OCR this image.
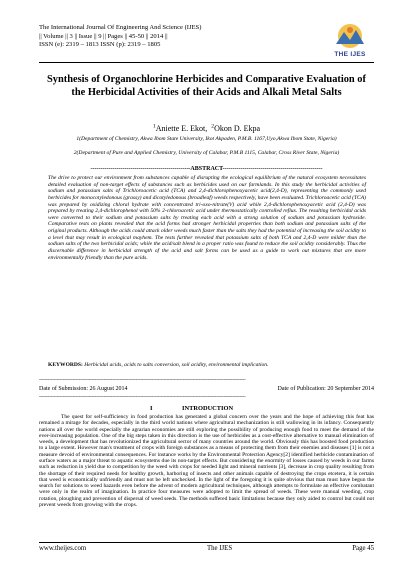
The International Journal Of Engineering And Science (IJES)
|| Volume || 3 || Issue || 9 || Pages || 45-50 || 2014 ||
ISSN (e): 2319 – 1813 ISSN (p): 2319 – 1805
THE IJES
Synthesis of Organochlorine Herbicides and Comparative Evaluation of the Herbicidal Activities of their Acids and Alkali Metal Salts
$^1$Aniette E. Ekot, $^2$Okon D. Ekpa
1(Department of Chemistry, Akwa Ibom State University, Ikot Akpaden, P.M.B. 1167,Uyo,Akwa Ibom State, Nigeria)
2(Department of Pure and Applied Chemistry, University of Calabar, P.M.B 1115, Calabar, Cross River State, Nigeria)
--------------------------------------------------ABSTRACT--------------------------------------------------
The drive to protect our environment from substances capable of disrupting the ecological equilibrium of the natural ecosystem necessitates detailed evaluation of non-target effects of substances such as herbicides used on our farmlands. In this study the herbicidal activities of sodium and potassium salts of Trichloroacetic acid (TCA) and 2,4-dichlorophenoxyacetic acid(2,4-D), representing the commonly used herbicides for monocotyledonous (grassy) and dicotyledonous (broadleaf) weeds respectively, have been evaluated. Trichloroacetic acid (TCA) was prepared by oxidizing chloral hydrate with concentrated tri-oxo-nitrate(V) acid while 2,4-dichlorophenoxyacetic acid (2,4-D) was prepared by treating 2,4-dichlorophenol with 50% 2-chloroacetic acid under thermostatically controlled reflux. The resulting herbicidal acids were converted to their sodium and potassium salts by treating each acid with a strong solution of sodium and potassium hydroxide. Comparative tests on plants revealed that the acid forms had stronger herbicidal properties than both sodium and potassium salts of the original products. Although the acids could attack older weeds much faster than the salts they had the potential of increasing the soil acidity to a level that may result in ecological mayhem. The tests further revealed that potassium salts of both TCA and 2,4-D were milder than the sodium salts of the two herbicidal acids; while the acid/salt blend in a proper ratio was found to reduce the soil acidity considerably. Thus the discernable difference in herbicidal strength of the acid and salt forms can be used as a guide to work out mixtures that are more environmentally friendly than the pure acids.
KEYWORDS: Herbicidal acids, acids to salts conversion, soil acidity, environmental implication.
---------------------------------------------------------------------------------------------------------------------------------------------
Date of Submission: 26 August 2014	Date of Publication: 20 September 2014
---------------------------------------------------------------------------------------------------------------------------------------------
I	INTRODUCTION
The quest for self-sufficiency in food production has generated a global concern over the years and the hope of achieving this feat has remained a mirage for decades, especially in the third world nations where agricultural mechanization is still wallowing in its infancy. Consequently nations all over the world especially the agrarian economies are still exploring the possibility of producing enough food to meet the demand of the ever-increasing population. One of the big steps taken in this direction is the use of herbicides as a cost-effective alternative to manual elimination of weeds, a development that has revolutionized the agricultural sector of many countries around the world. Obviously this has boosted food production to a large extent. However man's treatment of crops with foreign substances as a means of protecting them from their enemies and diseases [1] is not a measure devoid of environmental consequences. For instance works by the Environmental Protection Agency[2] identified herbicide contamination of surface waters as a major threat to aquatic ecosystems due its non-target effects. But considering the enormity of losses caused by weeds in our farms such as reduction in yield due to competition by the weed with crops for needed light and mineral nutrients [3], decrease in crop quality resulting from the shortage of their required needs for healthy growth, harboring of insects and other animals capable of destroying the crops etcetera, it is certain that weed is economically unfriendly and must not be left unchecked. In the light of the foregoing it is quite obvious that man must have begun the search for solutions to weed hazards even before the advent of modern agricultural techniques, although attempts to formulate an effective combatant were only in the realm of imagination. In practice four measures were adopted to limit the spread of weeds. These were manual weeding, crop rotation, ploughing and prevention of dispersal of weed seeds. The methods suffered basic limitations because they only aided to control but could not prevent weeds from growing with the crops.
www.theijes.com	The IJES	Page 45
